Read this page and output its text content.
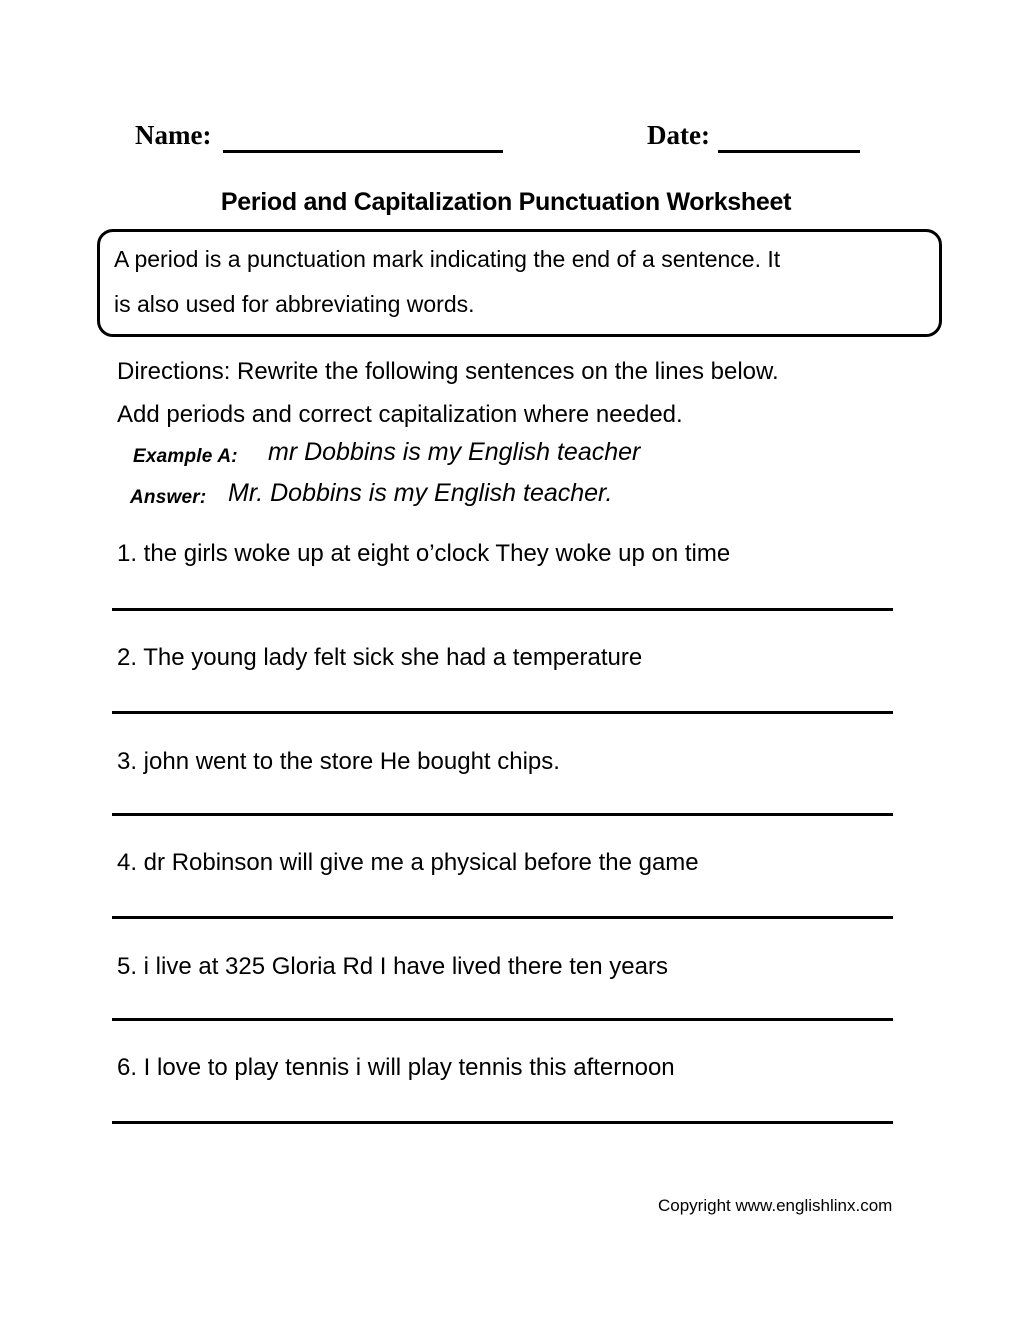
Name:	Date:
Period and Capitalization Punctuation Worksheet
A period is a punctuation mark indicating the end of a sentence. It
is also used for abbreviating words.
Directions: Rewrite the following sentences on the lines below.
Add periods and correct capitalization where needed.
Example A: mr Dobbins is my English teacher
Answer: Mr. Dobbins is my English teacher.
1. the girls woke up at eight o’clock They woke up on time
2. The young lady felt sick she had a temperature
3. john went to the store He bought chips.
4. dr Robinson will give me a physical before the game
5. i live at 325 Gloria Rd I have lived there ten years
6. I love to play tennis i will play tennis this afternoon
Copyright www.englishlinx.com
